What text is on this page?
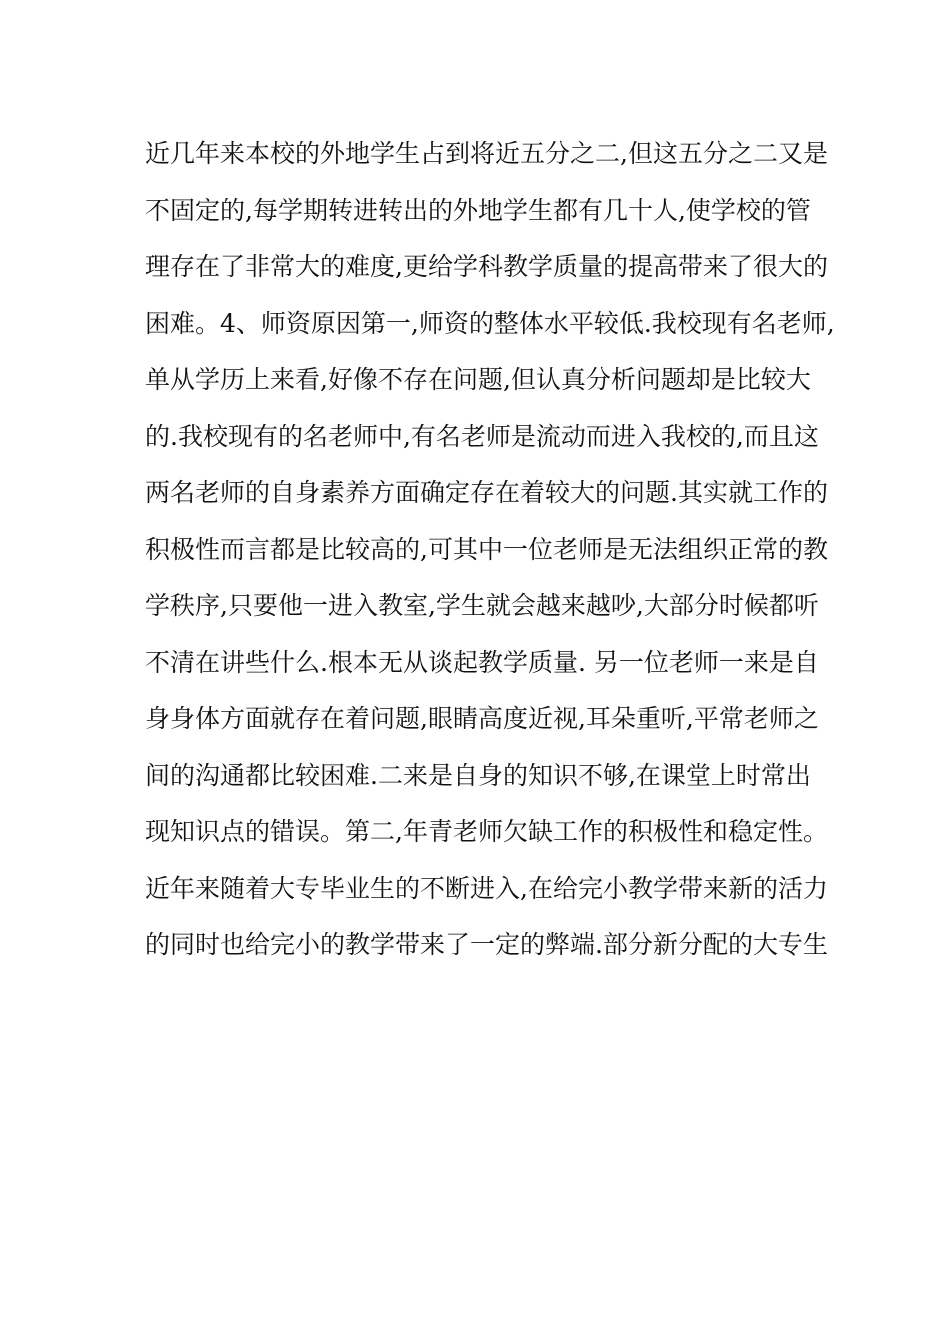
近几年来本校的外地学生占到将近五分之二,但这五分之二又是
不固定的,每学期转进转出的外地学生都有几十人,使学校的管
理存在了非常大的难度,更给学科教学质量的提高带来了很大的
困难。4、师资原因第一,师资的整体水平较低.我校现有名老师,
单从学历上来看,好像不存在问题,但认真分析问题却是比较大
的.我校现有的名老师中,有名老师是流动而进入我校的,而且这
两名老师的自身素养方面确定存在着较大的问题.其实就工作的
积极性而言都是比较高的,可其中一位老师是无法组织正常的教
学秩序,只要他一进入教室,学生就会越来越吵,大部分时候都听
不清在讲些什么.根本无从谈起教学质量. 另一位老师一来是自
身身体方面就存在着问题,眼睛高度近视,耳朵重听,平常老师之
间的沟通都比较困难.二来是自身的知识不够,在课堂上时常出
现知识点的错误。第二,年青老师欠缺工作的积极性和稳定性。
近年来随着大专毕业生的不断进入,在给完小教学带来新的活力
的同时也给完小的教学带来了一定的弊端.部分新分配的大专生
